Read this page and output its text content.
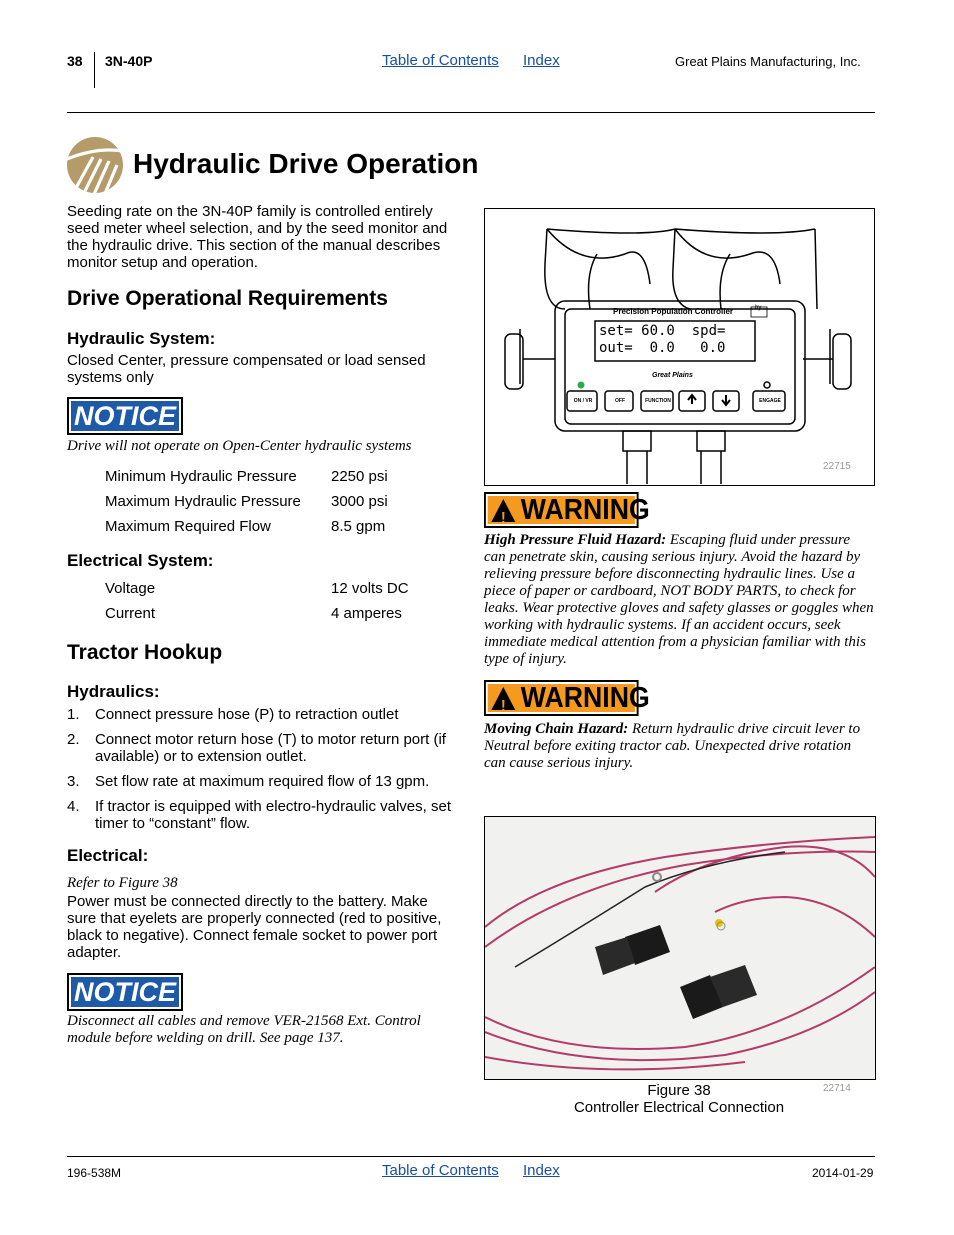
38 3N-40P	Table of Contents Index	Great Plains Manufacturing, Inc.
Hydraulic Drive Operation
Seeding rate on the 3N-40P family is controlled entirely seed meter wheel selection, and by the seed monitor and the hydraulic drive. This section of the manual describes monitor setup and operation.
Drive Operational Requirements
Hydraulic System:
Closed Center, pressure compensated or load sensed systems only
NOTICE
Drive will not operate on Open-Center hydraulic systems
Minimum Hydraulic Pressure 2250 psi
Maximum Hydraulic Pressure 3000 psi
Maximum Required Flow	8.5 gpm
Electrical System:
Voltage	12 volts DC
Current	4 amperes
Tractor Hookup
Hydraulics:
1. Connect pressure hose (P) to retraction outlet
2. Connect motor return hose (T) to motor return port (if available) or to extension outlet.
3. Set flow rate at maximum required flow of 13 gpm.
4. If tractor is equipped with electro-hydraulic valves, set timer to “constant” flow.
Electrical:
Refer to Figure 38
Power must be connected directly to the battery. Make sure that eyelets are properly connected (red to positive, black to negative). Connect female socket to power port adapter.
NOTICE
Disconnect all cables and remove VER-21568 Ext. Control module before welding on drill. See page 137.
Precision Population Controller	by
set= 60.0  spd=
out=  0.0   0.0
Great Plains
ON / VR	OFF	FUNCTION	ENGAGE
22715
! WARNING
High Pressure Fluid Hazard: Escaping fluid under pressure can penetrate skin, causing serious injury. Avoid the hazard by relieving pressure before disconnecting hydraulic lines. Use a piece of paper or cardboard, NOT BODY PARTS, to check for leaks. Wear protective gloves and safety glasses or goggles when working with hydraulic systems. If an accident occurs, seek immediate medical attention from a physician familiar with this type of injury.
! WARNING
Moving Chain Hazard: Return hydraulic drive circuit lever to Neutral before exiting tractor cab. Unexpected drive rotation can cause serious injury.
22714
Figure 38
Controller Electrical Connection
196-538M	Table of Contents Index	2014-01-29
